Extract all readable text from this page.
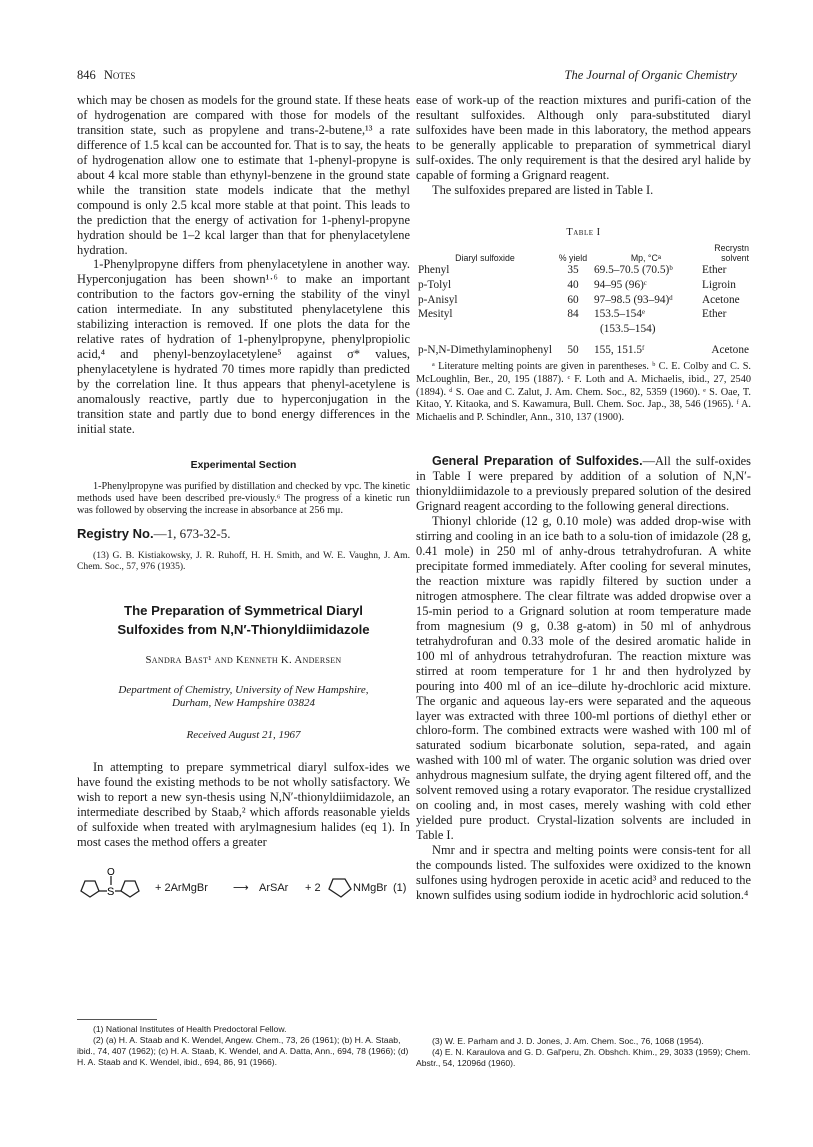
846 Notes	The Journal of Organic Chemistry

which may be chosen as models for the ground state. If these heats of hydrogenation are compared with those for models of the transition state, such as propylene and trans-2-butene,¹³ a rate difference of 1.5 kcal can be accounted for. That is to say, the heats of hydrogenation allow one to estimate that 1-phenyl-propyne is about 4 kcal more stable than ethynyl-benzene in the ground state while the transition state models indicate that the methyl compound is only 2.5 kcal more stable at that point. This leads to the prediction that the energy of activation for 1-phenyl-propyne hydration should be 1–2 kcal larger than that for phenylacetylene hydration.

1-Phenylpropyne differs from phenylacetylene in another way. Hyperconjugation has been shown¹·⁶ to make an important contribution to the factors gov-erning the stability of the vinyl cation intermediate. In any substituted phenylacetylene this stabilizing interaction is removed. If one plots the data for the relative rates of hydration of 1-phenylpropyne, phenylpropiolic acid,⁴ and phenyl-benzoylacetylene⁵ against σ* values, phenylacetylene is hydrated 70 times more rapidly than predicted by the correlation line. It thus appears that phenyl-acetylene is anomalously reactive, partly due to hyperconjugation in the transition state and partly due to bond energy differences in the initial state.

Experimental Section

1-Phenylpropyne was purified by distillation and checked by vpc. The kinetic methods used have been described pre-viously.⁶ The progress of a kinetic run was followed by observing the increase in absorbance at 256 mμ.

Registry No.—1, 673-32-5.

(13) G. B. Kistiakowsky, J. R. Ruhoff, H. H. Smith, and W. E. Vaughn, J. Am. Chem. Soc., 57, 976 (1935).

The Preparation of Symmetrical Diaryl
Sulfoxides from N,N′-Thionyldiimidazole
Sandra Bast¹ and Kenneth K. Andersen
Department of Chemistry, University of New Hampshire,
Durham, New Hampshire 03824
Received August 21, 1967

In attempting to prepare symmetrical diaryl sulfox-ides we have found the existing methods to be not wholly satisfactory. We wish to report a new syn-thesis using N,N′-thionyldiimidazole, an intermediate described by Staab,² which affords reasonable yields of sulfoxide when treated with arylmagnesium halides (eq 1). In most cases the method offers a greater

S
O
+ 2ArMgBr ⟶ ArSAr + 2	NMgBr (1)
(1) National Institutes of Health Predoctoral Fellow.
(2) (a) H. A. Staab and K. Wendel, Angew. Chem., 73, 26 (1961); (b) H. A. Staab, ibid., 74, 407 (1962); (c) H. A. Staab, K. Wendel, and A. Datta, Ann., 694, 78 (1966); (d) H. A. Staab and K. Wendel, ibid., 694, 86, 91 (1966).

ease of work-up of the reaction mixtures and purifi-cation of the resultant sulfoxides. Although only para-substituted diaryl sulfoxides have been made in this laboratory, the method appears to be generally applicable to preparation of symmetrical diaryl sulf-oxides. The only requirement is that the desired aryl halide by capable of forming a Grignard reagent.

The sulfoxides prepared are listed in Table I.

Table I
Diaryl sulfoxide	% yield	Mp, °Cᵃ	Recrystn solvent
Phenyl	35	69.5–70.5 (70.5)ᵇ	Ether
p-Tolyl	40	94–95 (96)ᶜ	Ligroin
p-Anisyl	60	97–98.5 (93–94)ᵈ	Acetone
Mesityl	84	153.5–154ᵉ	Ether
		(153.5–154)	
p-N,N-Dimethylaminophenyl	50	155, 151.5ᶠ	Acetone

ᵃ Literature melting points are given in parentheses. ᵇ C. E. Colby and C. S. McLoughlin, Ber., 20, 195 (1887). ᶜ F. Loth and A. Michaelis, ibid., 27, 2540 (1894). ᵈ S. Oae and C. Zalut, J. Am. Chem. Soc., 82, 5359 (1960). ᵉ S. Oae, T. Kitao, Y. Kitaoka, and S. Kawamura, Bull. Chem. Soc. Jap., 38, 546 (1965). ᶠ A. Michaelis and P. Schindler, Ann., 310, 137 (1900).

General Preparation of Sulfoxides.—All the sulf-oxides in Table I were prepared by addition of a solution of N,N′-thionyldiimidazole to a previously prepared solution of the desired Grignard reagent according to the following general directions.

Thionyl chloride (12 g, 0.10 mole) was added drop-wise with stirring and cooling in an ice bath to a solu-tion of imidazole (28 g, 0.41 mole) in 250 ml of anhy-drous tetrahydrofuran. A white precipitate formed immediately. After cooling for several minutes, the reaction mixture was rapidly filtered by suction under a nitrogen atmosphere. The clear filtrate was added dropwise over a 15-min period to a Grignard solution at room temperature made from magnesium (9 g, 0.38 g-atom) in 50 ml of anhydrous tetrahydrofuran and 0.33 mole of the desired aromatic halide in 100 ml of anhydrous tetrahydrofuran. The reaction mixture was stirred at room temperature for 1 hr and then hydrolyzed by pouring into 400 ml of an ice–dilute hy-drochloric acid mixture. The organic and aqueous lay-ers were separated and the aqueous layer was extracted with three 100-ml portions of diethyl ether or chloro-form. The combined extracts were washed with 100 ml of saturated sodium bicarbonate solution, sepa-rated, and again washed with 100 ml of water. The organic solution was dried over anhydrous magnesium sulfate, the drying agent filtered off, and the solvent removed using a rotary evaporator. The residue crystallized on cooling and, in most cases, merely washing with cold ether yielded pure product. Crystal-lization solvents are included in Table I.

Nmr and ir spectra and melting points were consis-tent for all the compounds listed. The sulfoxides were oxidized to the known sulfones using hydrogen peroxide in acetic acid³ and reduced to the known sulfides using sodium iodide in hydrochloric acid solution.⁴

(3) W. E. Parham and J. D. Jones, J. Am. Chem. Soc., 76, 1068 (1954).
(4) E. N. Karaulova and G. D. Gal'peru, Zh. Obshch. Khim., 29, 3033 (1959); Chem. Abstr., 54, 12096d (1960).
